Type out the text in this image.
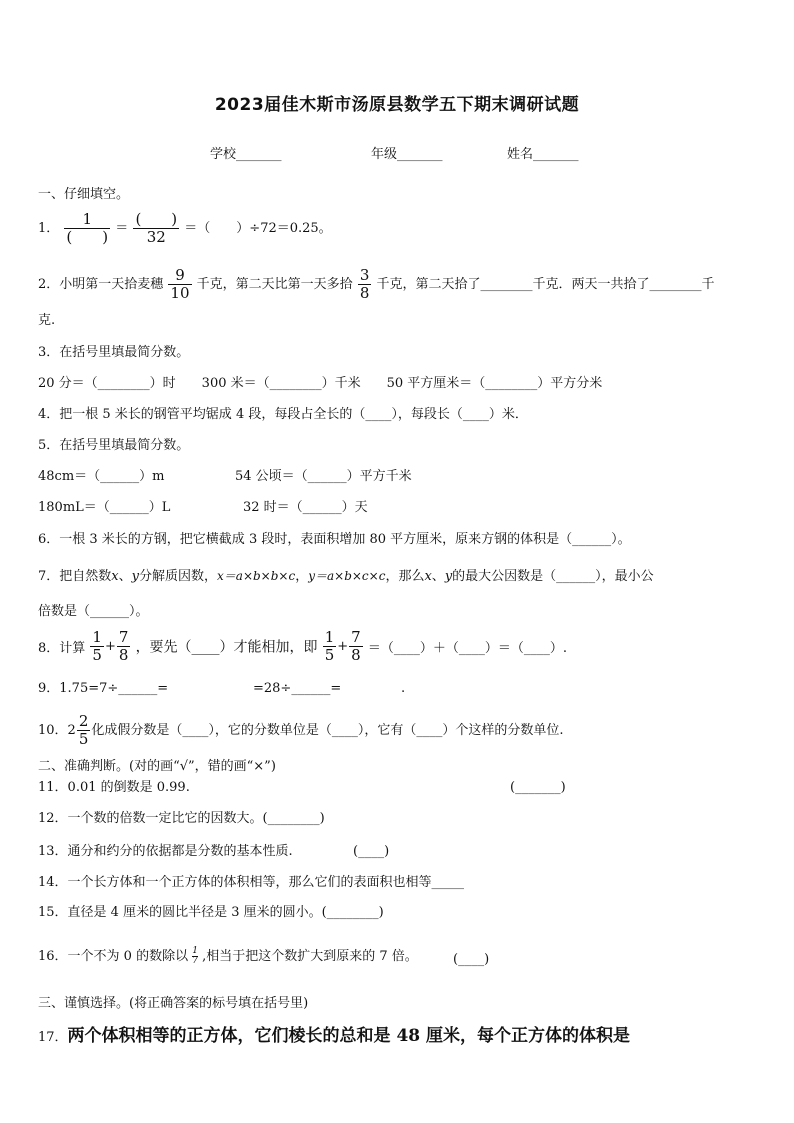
2023届佳木斯市汤原县数学五下期末调研试题
学校_______	年级_______	姓名_______
一、仔细填空。
1． $\frac{1}{( )} = \frac{( )}{32}$ ＝（　　）÷72＝0.25。
2．小明第一天拾麦穗 $\frac{9}{10}$ 千克，第二天比第一天多拾 $\frac{3}{8}$ 千克，第二天拾了________千克．两天一共拾了________千
克.
3．在括号里填最简分数。
20 分＝（________）时　　300 米＝（________）千米　　50 平方厘米＝（________）平方分米
4．把一根 5 米长的钢管平均锯成 4 段，每段占全长的（____），每段长（____）米．
5．在括号里填最简分数。
48cm＝（______）m	54 公顷＝（______）平方千米
180mL＝（______）L	32 时＝（______）天
6．一根 3 米长的方钢，把它横截成 3 段时，表面积增加 80 平方厘米，原来方钢的体积是（______）。
7．把自然数x、y分解质因数，x＝a×b×b×c，y＝a×b×c×c，那么x、y的最大公因数是（______），最小公
倍数是（______）。
8．计算 $\frac{1}{5} + \frac{7}{8}$ ，要先（____）才能相加，即 $\frac{1}{5} + \frac{7}{8}$ ＝（____）＋（____）＝（____）.
9．1.75=7÷______=	=28÷______=	.
10．$2 \frac{2}{5}$ 化成假分数是（____），它的分数单位是（____），它有（____）个这样的分数单位.
二、准确判断。(对的画“√”，错的画“×”)
11．0.01 的倒数是 0.99.	(_______)
12．一个数的倍数一定比它的因数大。(________)
13．通分和约分的依据都是分数的基本性质.	(____)
14．一个长方体和一个正方体的体积相等，那么它们的表面积也相等_____
15．直径是 4 厘米的圆比半径是 3 厘米的圆小。(________)
16．一个不为 0 的数除以 $\frac{1}{7}$ ,相当于把这个数扩大到原来的 7 倍。	(____)
三、谨慎选择。(将正确答案的标号填在括号里)
17．两个体积相等的正方体，它们棱长的总和是 48 厘米，每个正方体的体积是
